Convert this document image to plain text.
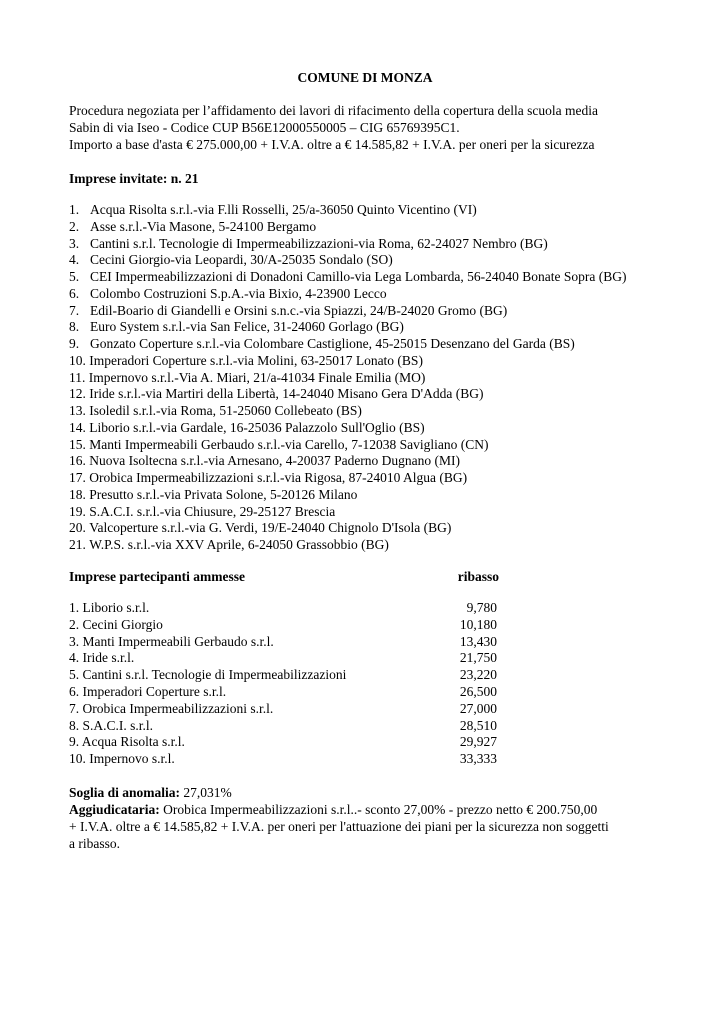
COMUNE DI MONZA
Procedura negoziata per l’affidamento dei lavori di rifacimento della copertura della scuola media
Sabin di via Iseo - Codice CUP B56E12000550005 – CIG 65769395C1.
Importo a base d'asta € 275.000,00 + I.V.A. oltre a € 14.585,82 + I.V.A. per oneri per la sicurezza
Imprese invitate: n. 21
1. Acqua Risolta s.r.l.-via F.lli Rosselli, 25/a-36050 Quinto Vicentino (VI)
2. Asse s.r.l.-Via Masone, 5-24100 Bergamo
3. Cantini s.r.l. Tecnologie di Impermeabilizzazioni-via Roma, 62-24027 Nembro (BG)
4. Cecini Giorgio-via Leopardi, 30/A-25035 Sondalo (SO)
5. CEI Impermeabilizzazioni di Donadoni Camillo-via Lega Lombarda, 56-24040 Bonate Sopra (BG)
6. Colombo Costruzioni S.p.A.-via Bixio, 4-23900 Lecco
7. Edil-Boario di Giandelli e Orsini s.n.c.-via Spiazzi, 24/B-24020 Gromo (BG)
8. Euro System s.r.l.-via San Felice, 31-24060 Gorlago (BG)
9. Gonzato Coperture s.r.l.-via Colombare Castiglione, 45-25015 Desenzano del Garda (BS)
10.
Imperadori Coperture s.r.l.-via Molini, 63-25017 Lonato (BS)
11.
Impernovo s.r.l.-Via A. Miari, 21/a-41034 Finale Emilia (MO)
12.
Iride s.r.l.-via Martiri della Libertà, 14-24040 Misano Gera D'Adda (BG)
13.
Isoledil s.r.l.-via Roma, 51-25060 Collebeato (BS)
14.
Liborio s.r.l.-via Gardale, 16-25036 Palazzolo Sull'Oglio (BS)
15.
Manti Impermeabili Gerbaudo s.r.l.-via Carello, 7-12038 Savigliano (CN)
16.
Nuova Isoltecna s.r.l.-via Arnesano, 4-20037 Paderno Dugnano (MI)
17.
Orobica Impermeabilizzazioni s.r.l.-via Rigosa, 87-24010 Algua (BG)
18.
Presutto s.r.l.-via Privata Solone, 5-20126 Milano
19.
S.A.C.I. s.r.l.-via Chiusure, 29-25127 Brescia
20.
Valcoperture s.r.l.-via G. Verdi, 19/E-24040 Chignolo D'Isola (BG)
21.
W.P.S. s.r.l.-via XXV Aprile, 6-24050 Grassobbio (BG)
Imprese partecipanti ammesse	ribasso
1. Liborio s.r.l.	9,780
2. Cecini Giorgio	10,180
3. Manti Impermeabili Gerbaudo s.r.l.	13,430
4. Iride s.r.l.	21,750
5. Cantini s.r.l. Tecnologie di Impermeabilizzazioni	23,220
6. Imperadori Coperture s.r.l.	26,500
7. Orobica Impermeabilizzazioni s.r.l.	27,000
8. S.A.C.I. s.r.l.	28,510
9. Acqua Risolta s.r.l.	29,927
10. Impernovo s.r.l.	33,333
Soglia di anomalia: 27,031%
Aggiudicataria: Orobica Impermeabilizzazioni s.r.l..- sconto 27,00% - prezzo netto € 200.750,00
+ I.V.A. oltre a € 14.585,82 + I.V.A. per oneri per l'attuazione dei piani per la sicurezza non soggetti
a ribasso.
